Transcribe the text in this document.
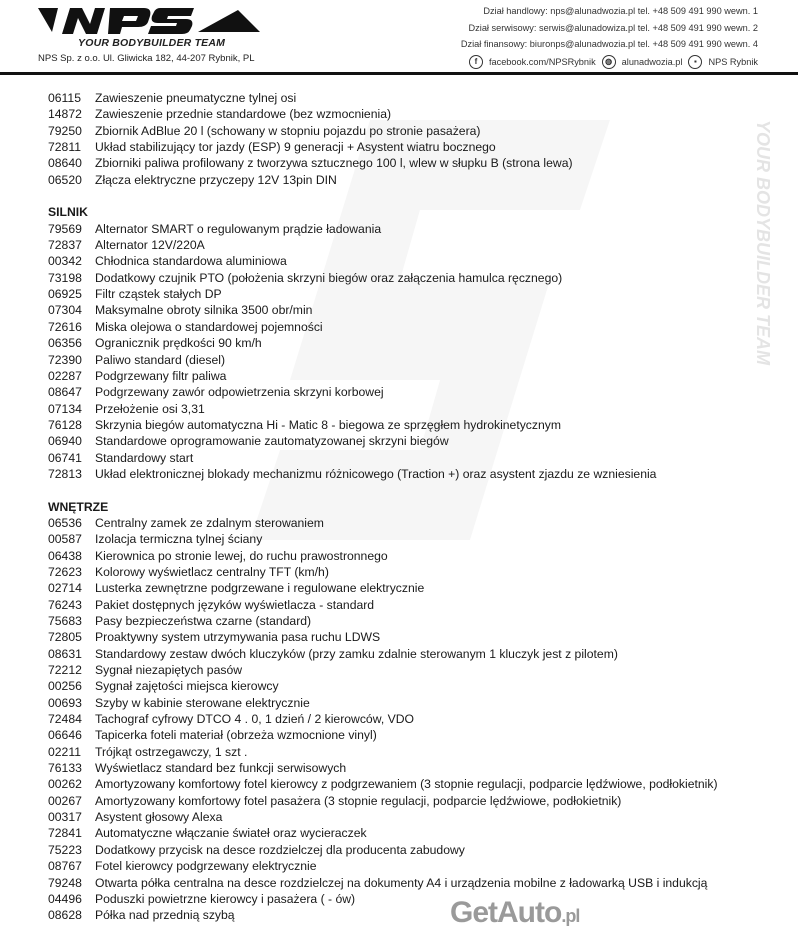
YOUR BODYBUILDER TEAM
YOUR BODYBUILDER TEAM
NPS Sp. z o.o. Ul. Gliwicka 182, 44-207 Rybnik, PL
Dział handlowy: nps@alunadwozia.pl tel. +48 509 491 990 wewn. 1
Dział serwisowy: serwis@alunadowiza.pl tel. +48 509 491 990 wewn. 2
Dział finansowy: biuronps@alunadwozia.pl tel. +48 509 491 990 wewn. 4
f	facebook.com/NPSRybnik	◍	alunadwozia.pl	▪	NPS Rybnik
06115	Zawieszenie pneumatyczne tylnej osi
14872	Zawieszenie przednie standardowe (bez wzmocnienia)
79250	Zbiornik AdBlue 20 l (schowany w stopniu pojazdu po stronie pasażera)
72811	Układ stabilizujący tor jazdy (ESP) 9 generacji + Asystent wiatru bocznego
08640	Zbiorniki paliwa profilowany z tworzywa sztucznego 100 l, wlew w słupku B (strona lewa)
06520	Złącza elektryczne przyczepy 12V 13pin DIN
SILNIK
79569	Alternator SMART o regulowanym prądzie ładowania
72837	Alternator 12V/220A
00342	Chłodnica standardowa aluminiowa
73198	Dodatkowy czujnik PTO (położenia skrzyni biegów oraz załączenia hamulca ręcznego)
06925	Filtr cząstek stałych DP
07304	Maksymalne obroty silnika 3500 obr/min
72616	Miska olejowa o standardowej pojemności
06356	Ogranicznik prędkości 90 km/h
72390	Paliwo standard (diesel)
02287	Podgrzewany filtr paliwa
08647	Podgrzewany zawór odpowietrzenia skrzyni korbowej
07134	Przełożenie osi 3,31
76128	Skrzynia biegów automatyczna Hi - Matic 8 - biegowa ze sprzęgłem hydrokinetycznym
06940	Standardowe oprogramowanie zautomatyzowanej skrzyni biegów
06741	Standardowy start
72813	Układ elektronicznej blokady mechanizmu różnicowego (Traction +) oraz asystent zjazdu ze wzniesienia
WNĘTRZE
06536	Centralny zamek ze zdalnym sterowaniem
00587	Izolacja termiczna tylnej ściany
06438	Kierownica po stronie lewej, do ruchu prawostronnego
72623	Kolorowy wyświetlacz centralny TFT (km/h)
02714	Lusterka zewnętrzne podgrzewane i regulowane elektrycznie
76243	Pakiet dostępnych języków wyświetlacza - standard
75683	Pasy bezpieczeństwa czarne (standard)
72805	Proaktywny system utrzymywania pasa ruchu LDWS
08631	Standardowy zestaw dwóch kluczyków (przy zamku zdalnie sterowanym 1 kluczyk jest z pilotem)
72212	Sygnał niezapiętych pasów
00256	Sygnał zajętości miejsca kierowcy
00693	Szyby w kabinie sterowane elektrycznie
72484	Tachograf cyfrowy DTCO 4 . 0, 1 dzień / 2 kierowców, VDO
06646	Tapicerka foteli materiał (obrzeża wzmocnione vinyl)
02211	Trójkąt ostrzegawczy, 1 szt .
76133	Wyświetlacz standard bez funkcji serwisowych
00262	Amortyzowany komfortowy fotel kierowcy z podgrzewaniem (3 stopnie regulacji, podparcie lędźwiowe, podłokietnik)
00267	Amortyzowany komfortowy fotel pasażera (3 stopnie regulacji, podparcie lędźwiowe, podłokietnik)
00317	Asystent głosowy Alexa
72841	Automatyczne włączanie świateł oraz wycieraczek
75223	Dodatkowy przycisk na desce rozdzielczej dla producenta zabudowy
08767	Fotel kierowcy podgrzewany elektrycznie
79248	Otwarta półka centralna na desce rozdzielczej na dokumenty A4 i urządzenia mobilne z ładowarką USB i indukcją
04496	Poduszki powietrzne kierowcy i pasażera ( - ów)
08628	Półka nad przednią szybą	GetAuto.pl
